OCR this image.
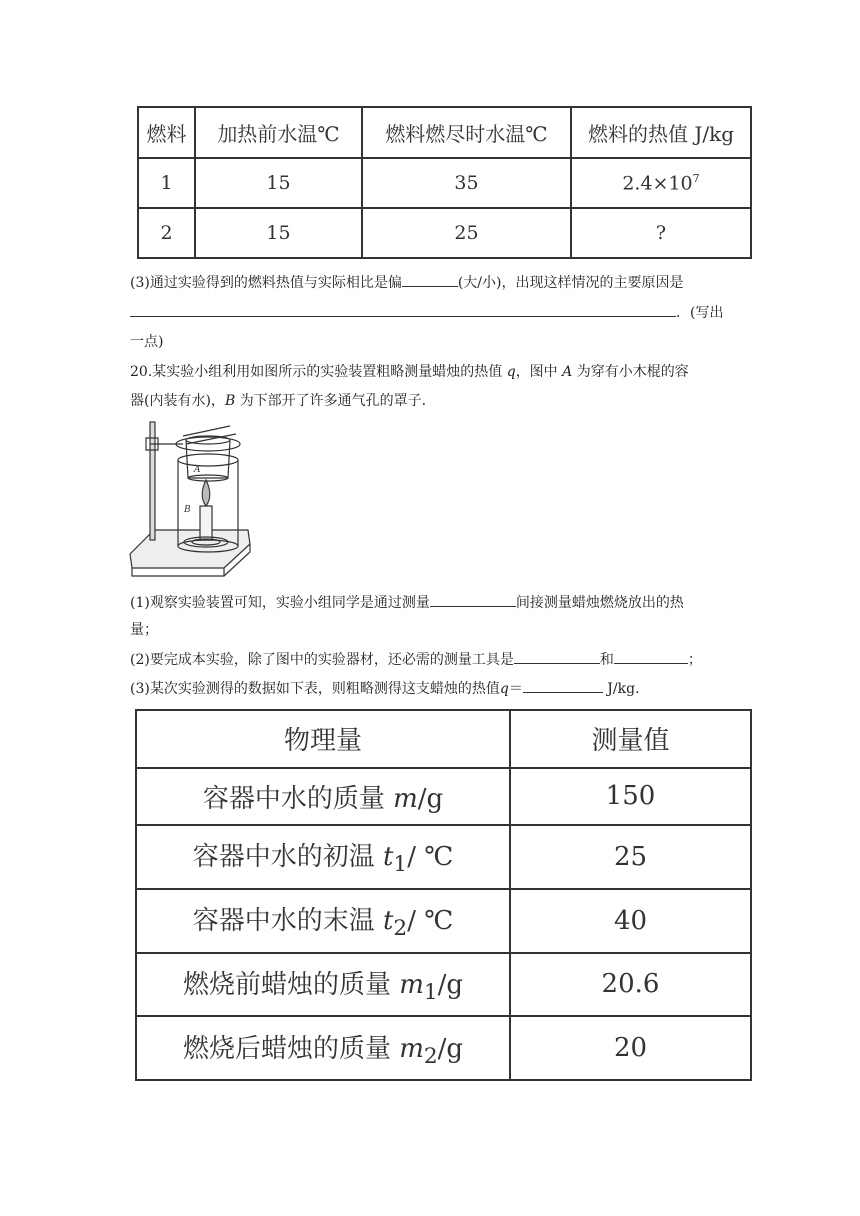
燃料	加热前水温℃	燃料燃尽时水温℃	燃料的热值 J/kg
1	15	35	$2.4\times 10^7$
2	15	25	?
(3)通过实验得到的燃料热值与实际相比是偏	(大/小)，出现这样情况的主要原因是
．(写出
一点)
20.某实验小组利用如图所示的实验装置粗略测量蜡烛的热值 q，图中 A 为穿有小木棍的容
器(内装有水)，B 为下部开了许多通气孔的罩子.
A
B
(1)观察实验装置可知，实验小组同学是通过测量	间接测量蜡烛燃烧放出的热
量；
(2)要完成本实验，除了图中的实验器材，还必需的测量工具是	和	；
(3)某次实验测得的数据如下表，则粗略测得这支蜡烛的热值q＝	J/kg.
物理量	测量值
容器中水的质量 m/g	150
容器中水的初温 $t_1/$ ℃	25
容器中水的末温 $t_2/$ ℃	40
燃烧前蜡烛的质量 $m_1/g$	20.6
燃烧后蜡烛的质量 $m_2/g$	20
